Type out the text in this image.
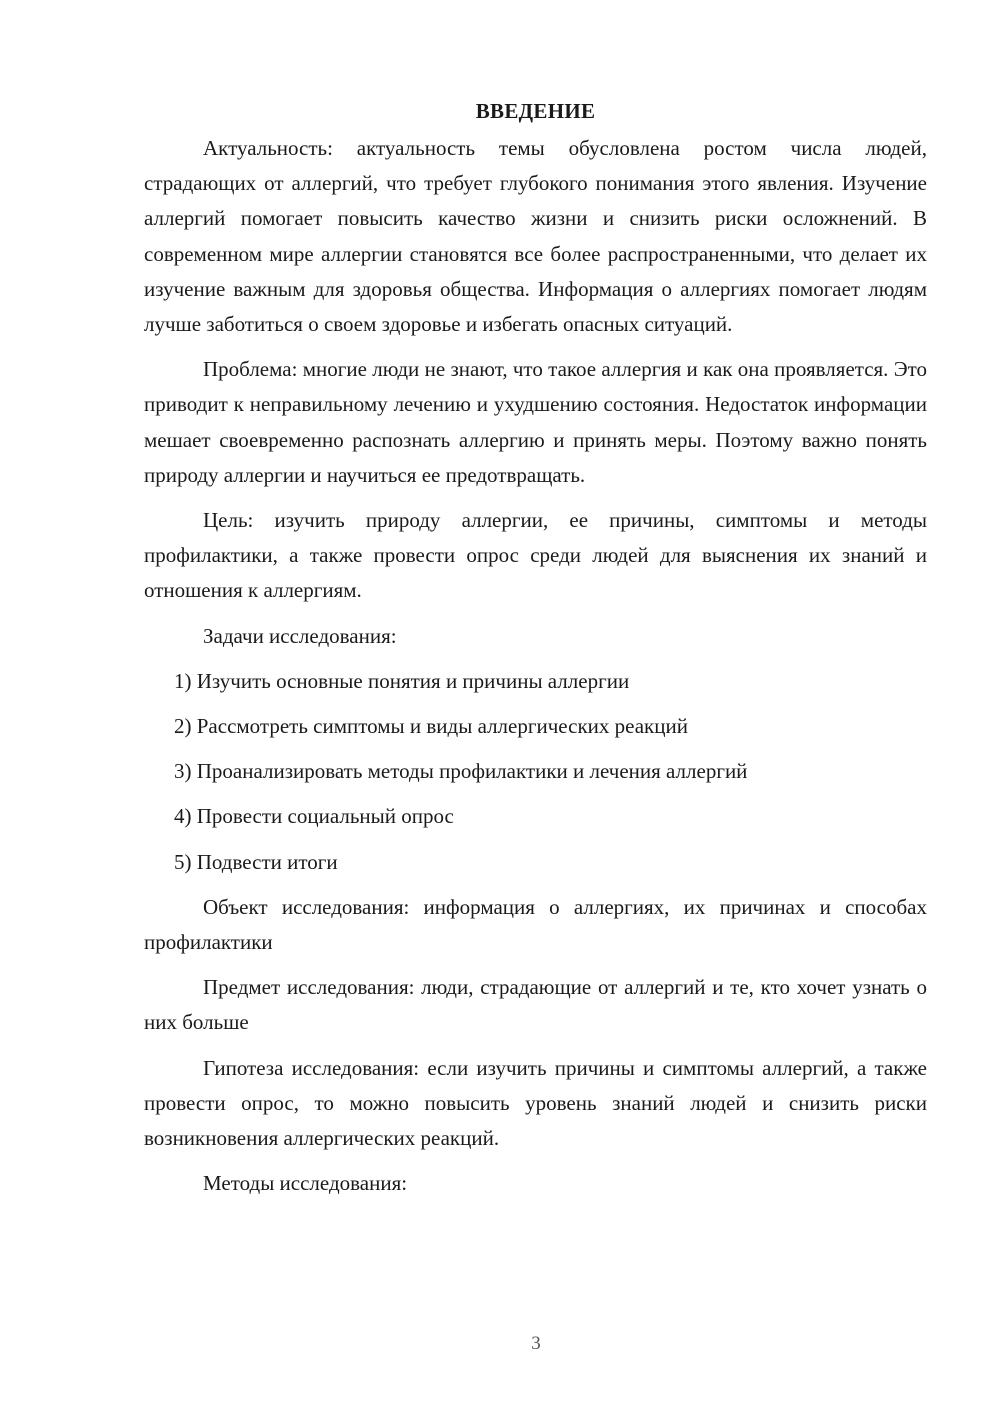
ВВЕДЕНИЕ

Актуальность: актуальность темы обусловлена ростом числа людей, страдающих от аллергий, что требует глубокого понимания этого явления. Изучение аллергий помогает повысить качество жизни и снизить риски осложнений. В современном мире аллергии становятся все более распространенными, что делает их изучение важным для здоровья общества. Информация о аллергиях помогает людям лучше заботиться о своем здоровье и избегать опасных ситуаций.

Проблема: многие люди не знают, что такое аллергия и как она проявляется. Это приводит к неправильному лечению и ухудшению состояния. Недостаток информации мешает своевременно распознать аллергию и принять меры. Поэтому важно понять природу аллергии и научиться ее предотвращать.

Цель: изучить природу аллергии, ее причины, симптомы и методы профилактики, а также провести опрос среди людей для выяснения их знаний и отношения к аллергиям.

Задачи исследования:

1) Изучить основные понятия и причины аллергии
2) Рассмотреть симптомы и виды аллергических реакций
3) Проанализировать методы профилактики и лечения аллергий
4) Провести социальный опрос
5) Подвести итоги

Объект исследования: информация о аллергиях, их причинах и способах профилактики

Предмет исследования: люди, страдающие от аллергий и те, кто хочет узнать о них больше

Гипотеза исследования: если изучить причины и симптомы аллергий, а также провести опрос, то можно повысить уровень знаний людей и снизить риски возникновения аллергических реакций.

Методы исследования:

3
